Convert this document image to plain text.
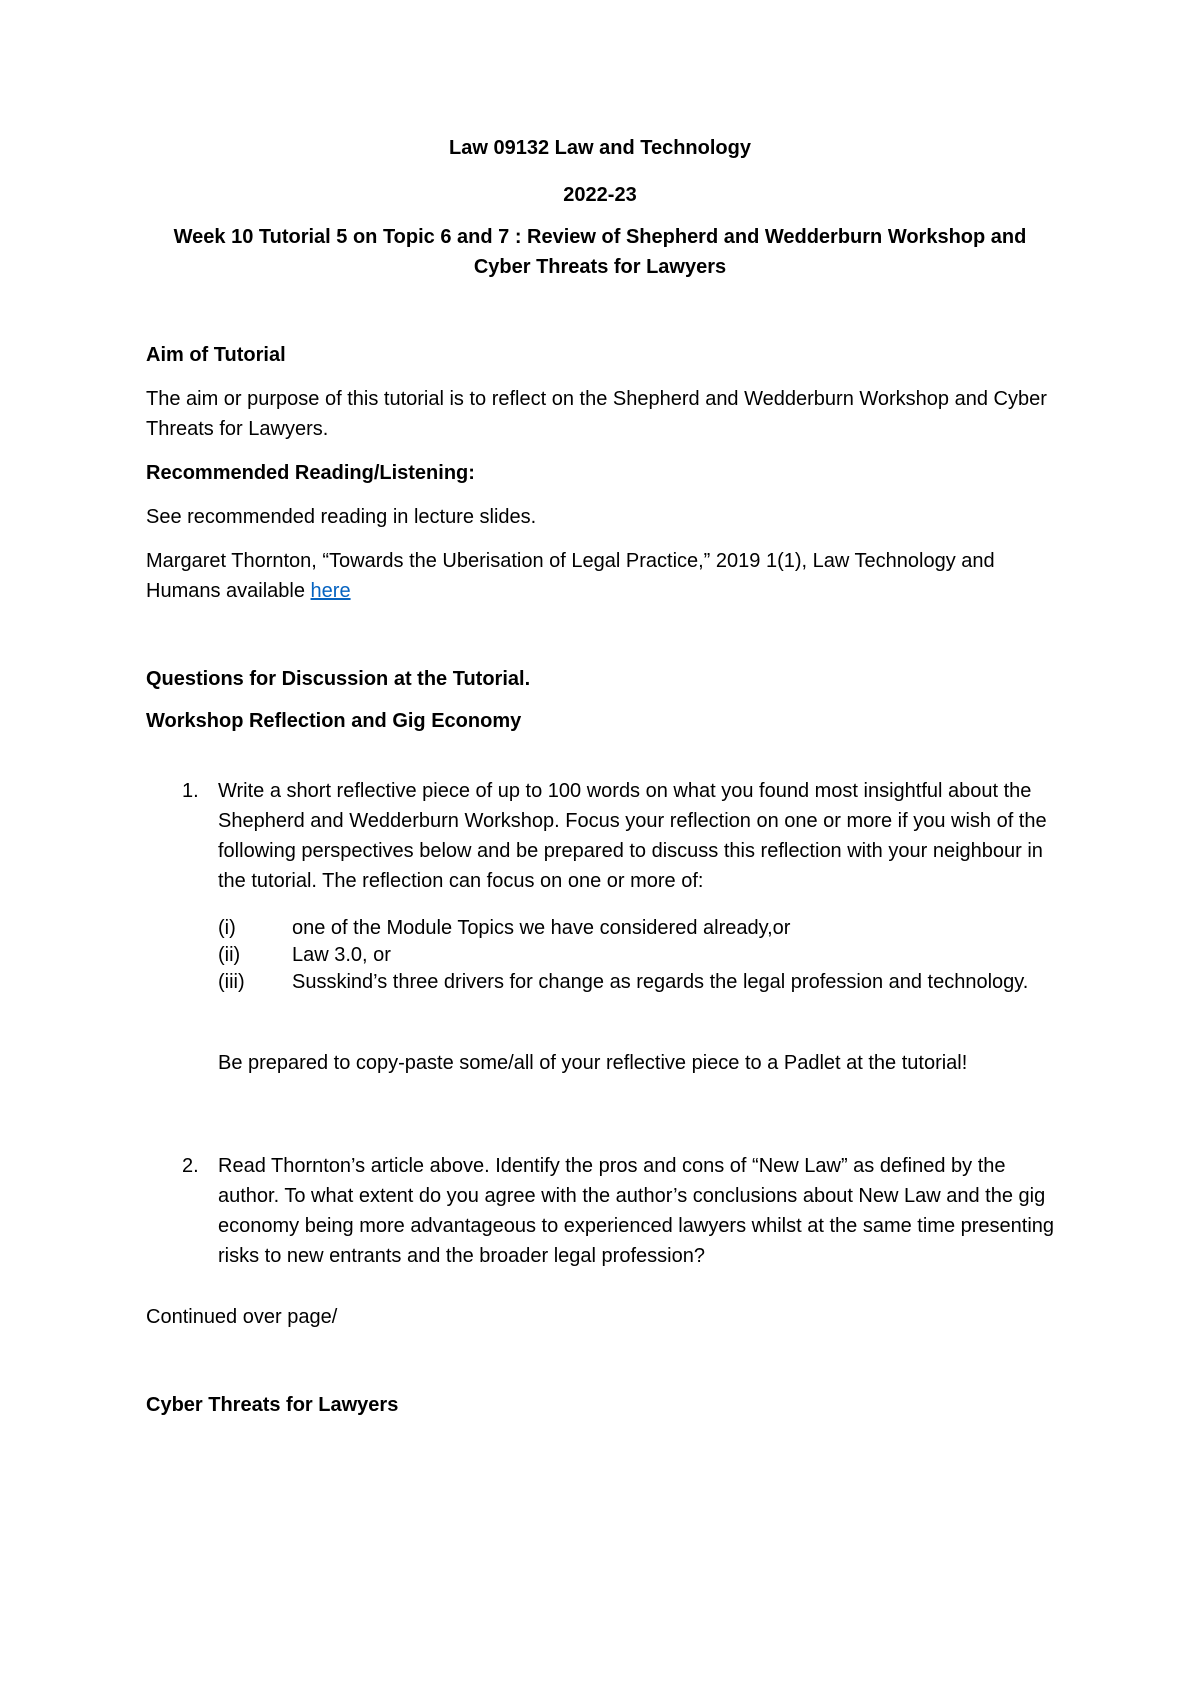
Law 09132 Law and Technology
2022-23
Week 10 Tutorial 5 on Topic 6 and 7 : Review of Shepherd and Wedderburn Workshop and Cyber Threats for Lawyers
Aim of Tutorial
The aim or purpose of this tutorial is to reflect on the Shepherd and Wedderburn Workshop and Cyber Threats for Lawyers.
Recommended Reading/Listening:
See recommended reading in lecture slides.
Margaret Thornton, “Towards the Uberisation of Legal Practice,” 2019 1(1), Law Technology and Humans available here
Questions for Discussion at the Tutorial.
Workshop Reflection and Gig Economy
1. Write a short reflective piece of up to 100 words on what you found most insightful about the Shepherd and Wedderburn Workshop. Focus your reflection on one or more if you wish of the following perspectives below and be prepared to discuss this reflection with your neighbour in the tutorial. The reflection can focus on one or more of:
(i)	one of the Module Topics we have considered already,or
(ii)	Law 3.0, or
(iii) Susskind’s three drivers for change as regards the legal profession and technology.
Be prepared to copy-paste some/all of your reflective piece to a Padlet at the tutorial!
2. Read Thornton’s article above. Identify the pros and cons of “New Law” as defined by the author. To what extent do you agree with the author’s conclusions about New Law and the gig economy being more advantageous to experienced lawyers whilst at the same time presenting risks to new entrants and the broader legal profession?
Continued over page/
Cyber Threats for Lawyers
